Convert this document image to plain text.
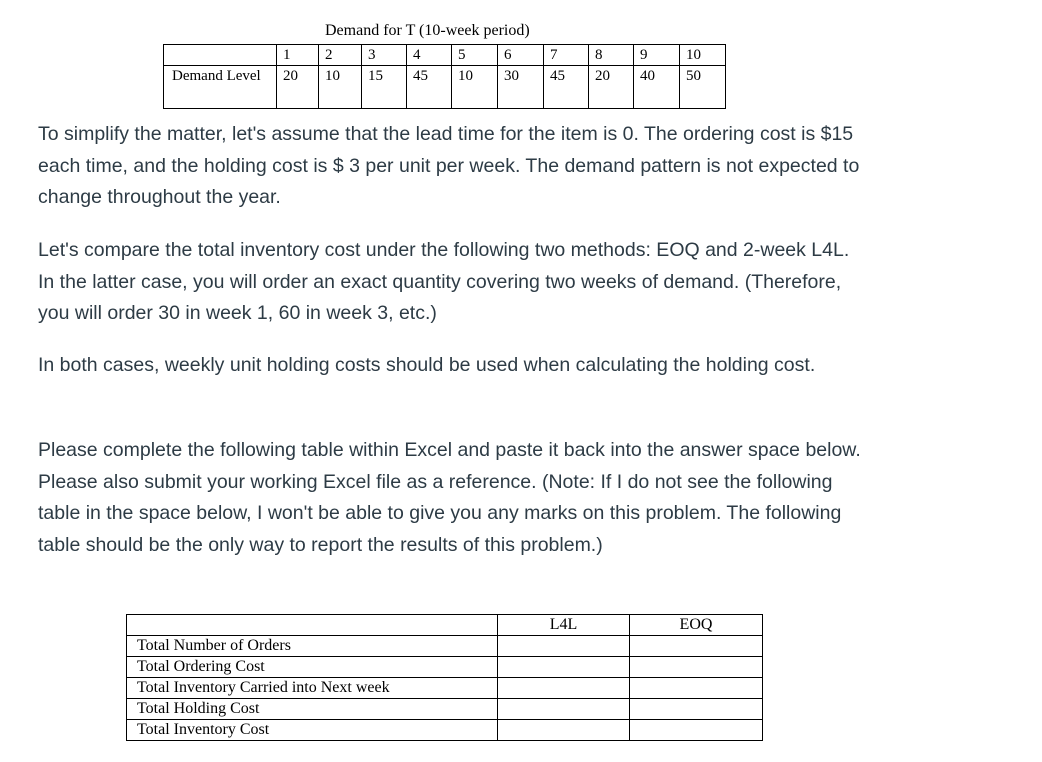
Demand for T (10-week period)
	1	2	3	4	5	6	7	8	9	10
Demand Level	20	10	15	45	10	30	45	20	40	50

To simplify the matter, let's assume that the lead time for the item is 0. The ordering cost is $15 each time, and the holding cost is $ 3 per unit per week. The demand pattern is not expected to change throughout the year.

Let's compare the total inventory cost under the following two methods: EOQ and 2-week L4L. In the latter case, you will order an exact quantity covering two weeks of demand. (Therefore, you will order 30 in week 1, 60 in week 3, etc.)

In both cases, weekly unit holding costs should be used when calculating the holding cost.

Please complete the following table within Excel and paste it back into the answer space below. Please also submit your working Excel file as a reference. (Note: If I do not see the following table in the space below, I won't be able to give you any marks on this problem. The following table should be the only way to report the results of this problem.)

	L4L	EOQ
Total Number of Orders		
Total Ordering Cost		
Total Inventory Carried into Next week		
Total Holding Cost		
Total Inventory Cost		
